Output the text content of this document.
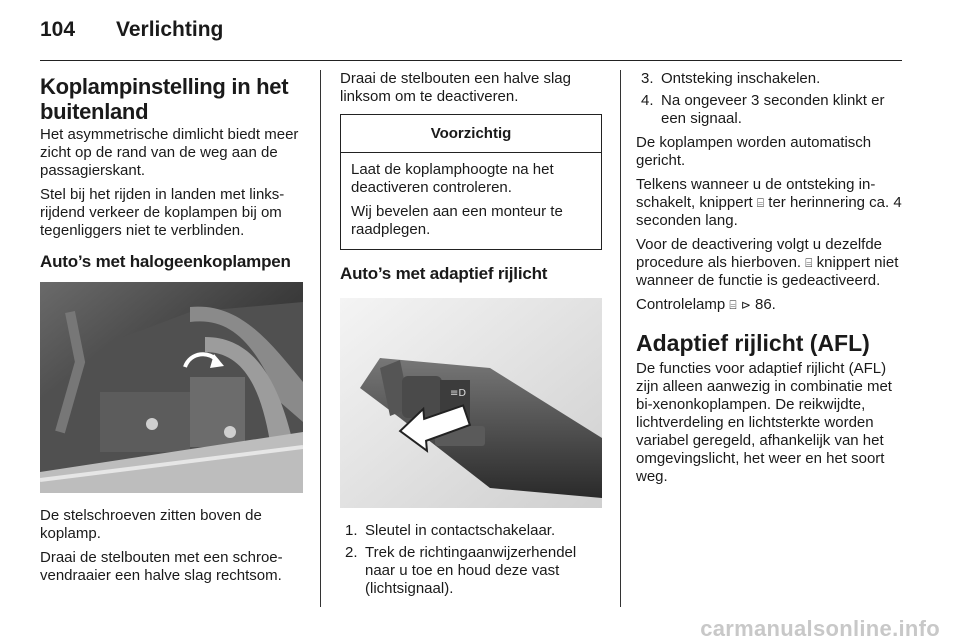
104	Verlichting
Koplampinstelling in het buitenland

Het asymmetrische dimlicht biedt meer zicht op de rand van de weg aan de passagierskant.

Stel bij het rijden in landen met linksrijdend verkeer de koplampen bij om tegenliggers niet te verblinden.

Auto’s met halogeenkoplampen

De stelschroeven zitten boven de koplamp.

Draai de stelbouten met een schroevendraaier een halve slag rechtsom.

Draai de stelbouten een halve slag linksom om te deactiveren.

Voorzichtig

Laat de koplamphoogte na het deactiveren controleren.

Wij bevelen aan een monteur te raadplegen.

Auto’s met adaptief rijlicht
≡D
1. Sleutel in contactschakelaar.
2. Trek de richtingaanwijzerhendel naar u toe en houd deze vast (lichtsignaal).
3. Ontsteking inschakelen.
4. Na ongeveer 3 seconden klinkt er een signaal.

De koplampen worden automatisch gericht.

Telkens wanneer u de ontsteking inschakelt, knippert ⌸ ter herinnering ca. 4 seconden lang.

Voor de deactivering volgt u dezelfde procedure als hierboven. ⌸ knippert niet wanneer de functie is gedeactiveerd.

Controlelamp ⌸ ⊳ 86.

Adaptief rijlicht (AFL)

De functies voor adaptief rijlicht (AFL) zijn alleen aanwezig in combinatie met bi-xenonkoplampen. De reikwijdte, lichtverdeling en lichtsterkte worden variabel geregeld, afhankelijk van het omgevingslicht, het weer en het soort weg.

carmanualsonline.info
